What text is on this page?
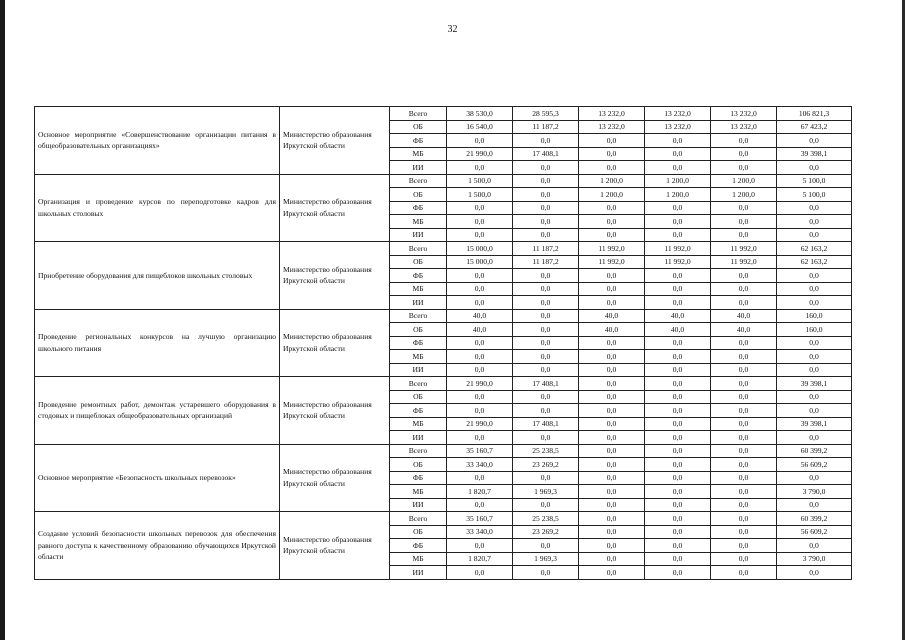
32
Основное мероприятие «Совершенствование организации питания в общеобразовательных организациях»	Министерство образования Иркутской области	Всего	38 530,0	28 595,3	13 232,0	13 232,0	13 232,0	106 821,3
		ОБ	16 540,0	11 187,2	13 232,0	13 232,0	13 232,0	67 423,2
		ФБ	0,0	0,0	0,0	0,0	0,0	0,0
		МБ	21 990,0	17 408,1	0,0	0,0	0,0	39 398,1
		ИИ	0,0	0,0	0,0	0,0	0,0	0,0
Организация и проведение курсов по переподготовке кадров для школьных столовых	Министерство образования Иркутской области	Всего	1 500,0	0,0	1 200,0	1 200,0	1 200,0	5 100,0
		ОБ	1 500,0	0,0	1 200,0	1 200,0	1 200,0	5 100,0
		ФБ	0,0	0,0	0,0	0,0	0,0	0,0
		МБ	0,0	0,0	0,0	0,0	0,0	0,0
		ИИ	0,0	0,0	0,0	0,0	0,0	0,0
Приобретение оборудования для пищеблоков школьных столовых	Министерство образования Иркутской области	Всего	15 000,0	11 187,2	11 992,0	11 992,0	11 992,0	62 163,2
		ОБ	15 000,0	11 187,2	11 992,0	11 992,0	11 992,0	62 163,2
		ФБ	0,0	0,0	0,0	0,0	0,0	0,0
		МБ	0,0	0,0	0,0	0,0	0,0	0,0
		ИИ	0,0	0,0	0,0	0,0	0,0	0,0
Проведение региональных конкурсов на лучшую организацию школьного питания	Министерство образования Иркутской области	Всего	40,0	0,0	40,0	40,0	40,0	160,0
		ОБ	40,0	0,0	40,0	40,0	40,0	160,0
		ФБ	0,0	0,0	0,0	0,0	0,0	0,0
		МБ	0,0	0,0	0,0	0,0	0,0	0,0
		ИИ	0,0	0,0	0,0	0,0	0,0	0,0
Проведение ремонтных работ, демонтаж устаревшего оборудования в стодовых и пищеблоках общеобразовательных организаций	Министерство образования Иркутской области	Всего	21 990,0	17 408,1	0,0	0,0	0,0	39 398,1
		ОБ	0,0	0,0	0,0	0,0	0,0	0,0
		ФБ	0,0	0,0	0,0	0,0	0,0	0,0
		МБ	21 990,0	17 408,1	0,0	0,0	0,0	39 398,1
		ИИ	0,0	0,0	0,0	0,0	0,0	0,0
Основное мероприятие «Безопасность школьных перевозок»	Министерство образования Иркутской области	Всего	35 160,7	25 238,5	0,0	0,0	0,0	60 399,2
		ОБ	33 340,0	23 269,2	0,0	0,0	0,0	56 609,2
		ФБ	0,0	0,0	0,0	0,0	0,0	0,0
		МБ	1 820,7	1 969,3	0,0	0,0	0,0	3 790,0
		ИИ	0,0	0,0	0,0	0,0	0,0	0,0
Создание условий безопасности школьных перевозок для обеспечения равного доступа к качественному образованию обучающихся Иркутской области	Министерство образования Иркутской области	Всего	35 160,7	25 238,5	0,0	0,0	0,0	60 399,2
		ОБ	33 340,0	23 269,2	0,0	0,0	0,0	56 609,2
		ФБ	0,0	0,0	0,0	0,0	0,0	0,0
		МБ	1 820,7	1 969,3	0,0	0,0	0,0	3 790,0
		ИИ	0,0	0,0	0,0	0,0	0,0	0,0
